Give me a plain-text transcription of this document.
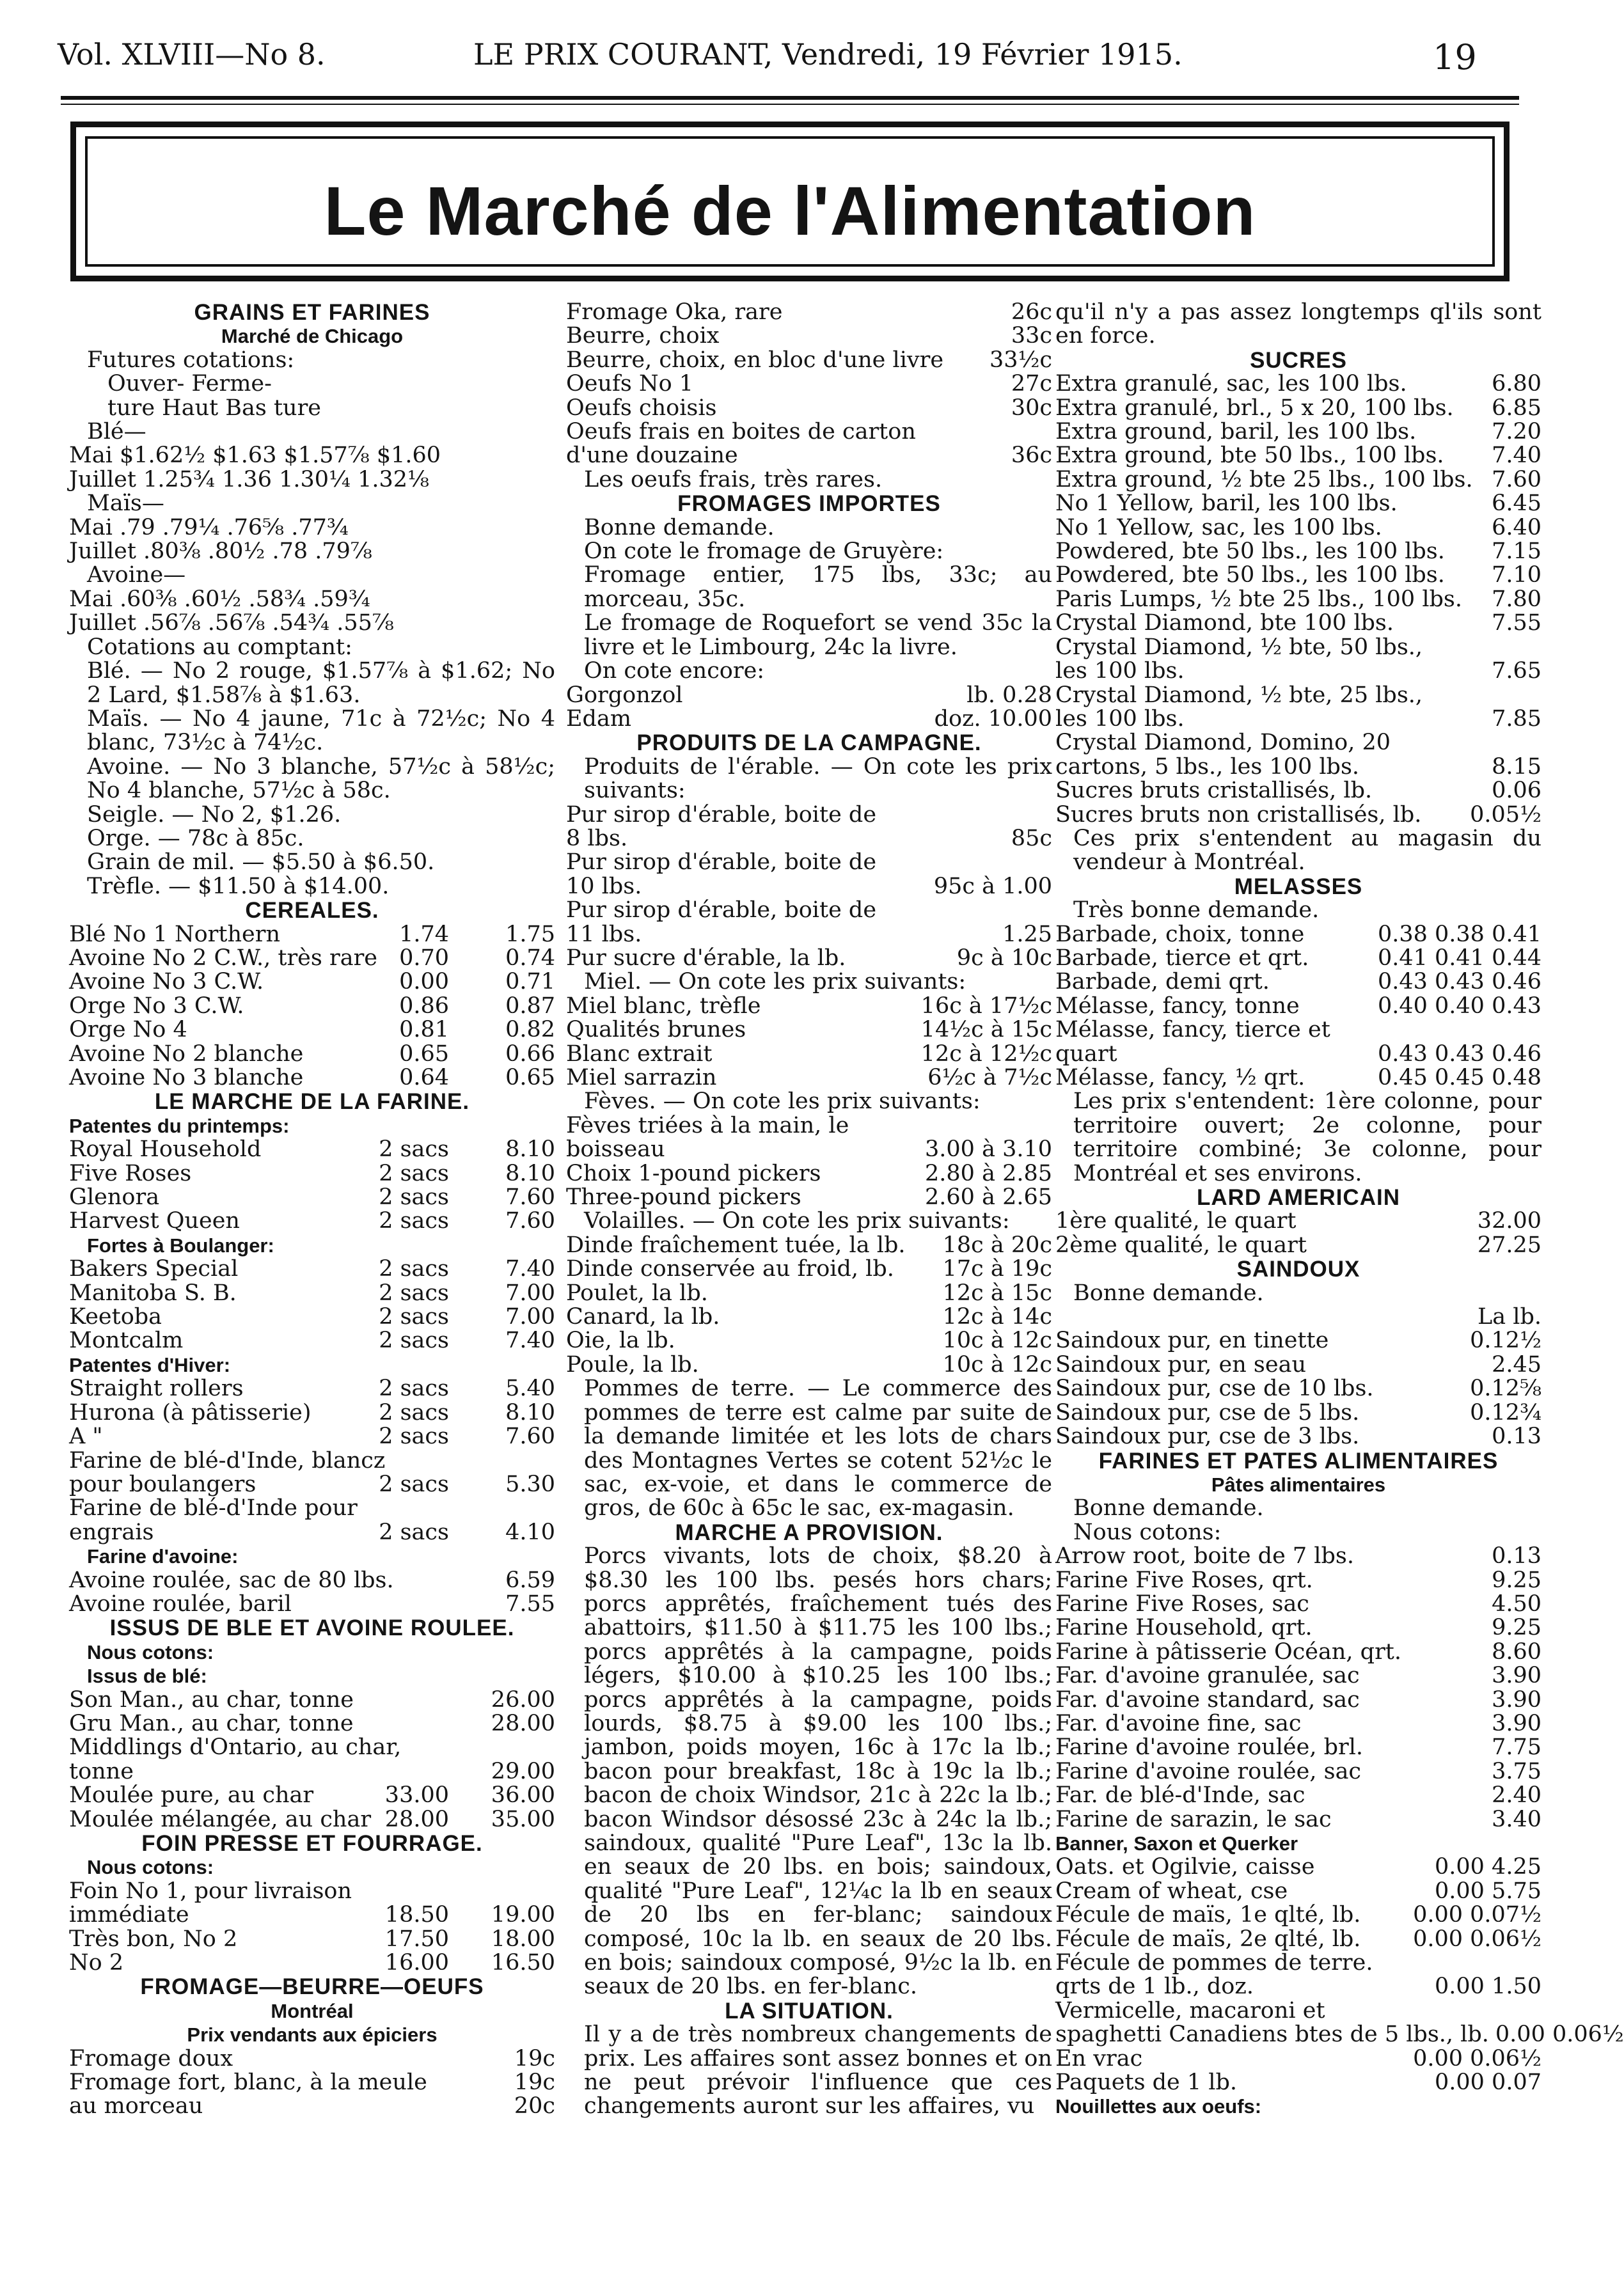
Vol. XLVIII—No 8.	LE PRIX COURANT, Vendredi, 19 Février 1915.	19
Le Marché de l'Alimentation
GRAINS ET FARINES
Marché de Chicago
Futures cotations:
Ouver- Ferme-
ture Haut Bas ture
Blé—
Mai $1.62½ $1.63 $1.57⅞ $1.60
Juillet 1.25¾ 1.36 1.30¼ 1.32⅛
Maïs—
Mai .79 .79¼ .76⅝ .77¾
Juillet .80⅜ .80½ .78 .79⅞
Avoine—
Mai .60⅜ .60½ .58¾ .59¾
Juillet .56⅞ .56⅞ .54¾ .55⅞
Cotations au comptant:
Blé. — No 2 rouge, $1.57⅞ à $1.62; No 2 Lard, $1.58⅞ à $1.63.
Maïs. — No 4 jaune, 71c à 72½c; No 4 blanc, 73½c à 74½c.
Avoine. — No 3 blanche, 57½c à 58½c; No 4 blanche, 57½c à 58c.
Seigle. — No 2, $1.26.
Orge. — 78c à 85c.
Grain de mil. — $5.50 à $6.50.
Trèfle. — $11.50 à $14.00.
CEREALES.
Blé No 1 Northern	1.74	1.75
Avoine No 2 C.W., très rare 0.70	0.74
Avoine No 3 C.W.	0.00	0.71
Orge No 3 C.W.	0.86	0.87
Orge No 4	0.81	0.82
Avoine No 2 blanche	0.65	0.66
Avoine No 3 blanche	0.64	0.65
LE MARCHE DE LA FARINE.
Patentes du printemps:
Royal Household	2 sacs	8.10
Five Roses	2 sacs	8.10
Glenora	2 sacs	7.60
Harvest Queen	2 sacs	7.60
Fortes à Boulanger:
Bakers Special	2 sacs	7.40
Manitoba S. B.	2 sacs	7.00
Keetoba	2 sacs	7.00
Montcalm	2 sacs	7.40
Patentes d'Hiver:
Straight rollers	2 sacs	5.40
Hurona (à pâtisserie)	2 sacs	8.10
A "	2 sacs	7.60
Farine de blé-d'Inde, blancz
pour boulangers	2 sacs	5.30
Farine de blé-d'Inde pour
engrais	2 sacs	4.10
Farine d'avoine:
Avoine roulée, sac de 80 lbs.	6.59
Avoine roulée, baril	7.55
ISSUS DE BLE ET AVOINE ROULEE.
Nous cotons:
Issus de blé:
Son Man., au char, tonne	26.00
Gru Man., au char, tonne	28.00
Middlings d'Ontario, au char,
tonne	29.00
Moulée pure, au char	33.00	36.00
Moulée mélangée, au char 28.00	35.00
FOIN PRESSE ET FOURRAGE.
Nous cotons:
Foin No 1, pour livraison
immédiate	18.50	19.00
Très bon, No 2	17.50	18.00
No 2	16.00	16.50
FROMAGE—BEURRE—OEUFS
Montréal
Prix vendants aux épiciers
Fromage doux	19c
Fromage fort, blanc, à la meule	19c
au morceau	20c
Fromage Oka, rare	26c
Beurre, choix	33c
Beurre, choix, en bloc d'une livre	33½c
Oeufs No 1	27c
Oeufs choisis	30c
Oeufs frais en boites de carton
d'une douzaine	36c
Les oeufs frais, très rares.
FROMAGES IMPORTES
Bonne demande.
On cote le fromage de Gruyère:
Fromage entier, 175 lbs, 33c; au morceau, 35c.
Le fromage de Roquefort se vend 35c la livre et le Limbourg, 24c la livre.
On cote encore:
Gorgonzol	lb. 0.28
Edam	doz. 10.00
PRODUITS DE LA CAMPAGNE.
Produits de l'érable. — On cote les prix suivants:
Pur sirop d'érable, boite de
8 lbs.	85c
Pur sirop d'érable, boite de
10 lbs.	95c à 1.00
Pur sirop d'érable, boite de
11 lbs.	1.25
Pur sucre d'érable, la lb.	9c à 10c
Miel. — On cote les prix suivants:
Miel blanc, trèfle	16c à 17½c
Qualités brunes	14½c à 15c
Blanc extrait	12c à 12½c
Miel sarrazin	6½c à 7½c
Fèves. — On cote les prix suivants:
Fèves triées à la main, le
boisseau	3.00 à 3.10
Choix 1-pound pickers	2.80 à 2.85
Three-pound pickers	2.60 à 2.65
Volailles. — On cote les prix suivants:
Dinde fraîchement tuée, la lb.	18c à 20c
Dinde conservée au froid, lb.	17c à 19c
Poulet, la lb.	12c à 15c
Canard, la lb.	12c à 14c
Oie, la lb.	10c à 12c
Poule, la lb.	10c à 12c
Pommes de terre. — Le commerce des pommes de terre est calme par suite de la demande limitée et les lots de chars des Montagnes Vertes se cotent 52½c le sac, ex-voie, et dans le commerce de gros, de 60c à 65c le sac, ex-magasin.
MARCHE A PROVISION.
Porcs vivants, lots de choix, $8.20 à $8.30 les 100 lbs. pesés hors chars; porcs apprêtés, fraîchement tués des abattoirs, $11.50 à $11.75 les 100 lbs.; porcs apprêtés à la campagne, poids légers, $10.00 à $10.25 les 100 lbs.; porcs apprêtés à la campagne, poids lourds, $8.75 à $9.00 les 100 lbs.; jambon, poids moyen, 16c à 17c la lb.; bacon pour breakfast, 18c à 19c la lb.; bacon de choix Windsor, 21c à 22c la lb.; bacon Windsor désossé 23c à 24c la lb.; saindoux, qualité "Pure Leaf", 13c la lb. en seaux de 20 lbs. en bois; saindoux, qualité "Pure Leaf", 12¼c la lb en seaux de 20 lbs en fer-blanc; saindoux composé, 10c la lb. en seaux de 20 lbs. en bois; saindoux composé, 9½c la lb. en seaux de 20 lbs. en fer-blanc.
LA SITUATION.
Il y a de très nombreux changements de prix. Les affaires sont assez bonnes et on ne peut prévoir l'influence que ces changements auront sur les affaires, vu
qu'il n'y a pas assez longtemps ql'ils sont en force.
SUCRES
Extra granulé, sac, les 100 lbs.	6.80
Extra granulé, brl., 5 x 20, 100 lbs.	6.85
Extra ground, baril, les 100 lbs.	7.20
Extra ground, bte 50 lbs., 100 lbs.	7.40
Extra ground, ½ bte 25 lbs., 100 lbs. 7.60
No 1 Yellow, baril, les 100 lbs.	6.45
No 1 Yellow, sac, les 100 lbs.	6.40
Powdered, bte 50 lbs., les 100 lbs.	7.15
Powdered, bte 50 lbs., les 100 lbs.	7.10
Paris Lumps, ½ bte 25 lbs., 100 lbs.	7.80
Crystal Diamond, bte 100 lbs.	7.55
Crystal Diamond, ½ bte, 50 lbs.,
les 100 lbs.	7.65
Crystal Diamond, ½ bte, 25 lbs.,
les 100 lbs.	7.85
Crystal Diamond, Domino, 20
cartons, 5 lbs., les 100 lbs.	8.15
Sucres bruts cristallisés, lb.	0.06
Sucres bruts non cristallisés, lb.	0.05½
Ces prix s'entendent au magasin du vendeur à Montréal.
MELASSES
Très bonne demande.
Barbade, choix, tonne	0.38 0.38 0.41
Barbade, tierce et qrt.	0.41 0.41 0.44
Barbade, demi qrt.	0.43 0.43 0.46
Mélasse, fancy, tonne	0.40 0.40 0.43
Mélasse, fancy, tierce et
quart	0.43 0.43 0.46
Mélasse, fancy, ½ qrt.	0.45 0.45 0.48
Les prix s'entendent: 1ère colonne, pour territoire ouvert; 2e colonne, pour territoire combiné; 3e colonne, pour Montréal et ses environs.
LARD AMERICAIN
1ère qualité, le quart	32.00
2ème qualité, le quart	27.25
SAINDOUX
Bonne demande.
La lb.
Saindoux pur, en tinette	0.12½
Saindoux pur, en seau	2.45
Saindoux pur, cse de 10 lbs.	0.12⅝
Saindoux pur, cse de 5 lbs.	0.12¾
Saindoux pur, cse de 3 lbs.	0.13
FARINES ET PATES ALIMENTAIRES
Pâtes alimentaires
Bonne demande.
Nous cotons:
Arrow root, boite de 7 lbs.	0.13
Farine Five Roses, qrt.	9.25
Farine Five Roses, sac	4.50
Farine Household, qrt.	9.25
Farine à pâtisserie Océan, qrt.	8.60
Far. d'avoine granulée, sac	3.90
Far. d'avoine standard, sac	3.90
Far. d'avoine fine, sac	3.90
Farine d'avoine roulée, brl.	7.75
Farine d'avoine roulée, sac	3.75
Far. de blé-d'Inde, sac	2.40
Farine de sarazin, le sac	3.40
Banner, Saxon et Querker
Oats. et Ogilvie, caisse	0.00 4.25
Cream of wheat, cse	0.00 5.75
Fécule de maïs, 1e qlté, lb.	0.00 0.07½
Fécule de maïs, 2e qlté, lb.	0.00 0.06½
Fécule de pommes de terre.
qrts de 1 lb., doz.	0.00 1.50
Vermicelle, macaroni et
spaghetti Canadiens btes de 5 lbs., lb. 0.00 0.06½
En vrac	0.00 0.06½
Paquets de 1 lb.	0.00 0.07
Nouillettes aux oeufs:
